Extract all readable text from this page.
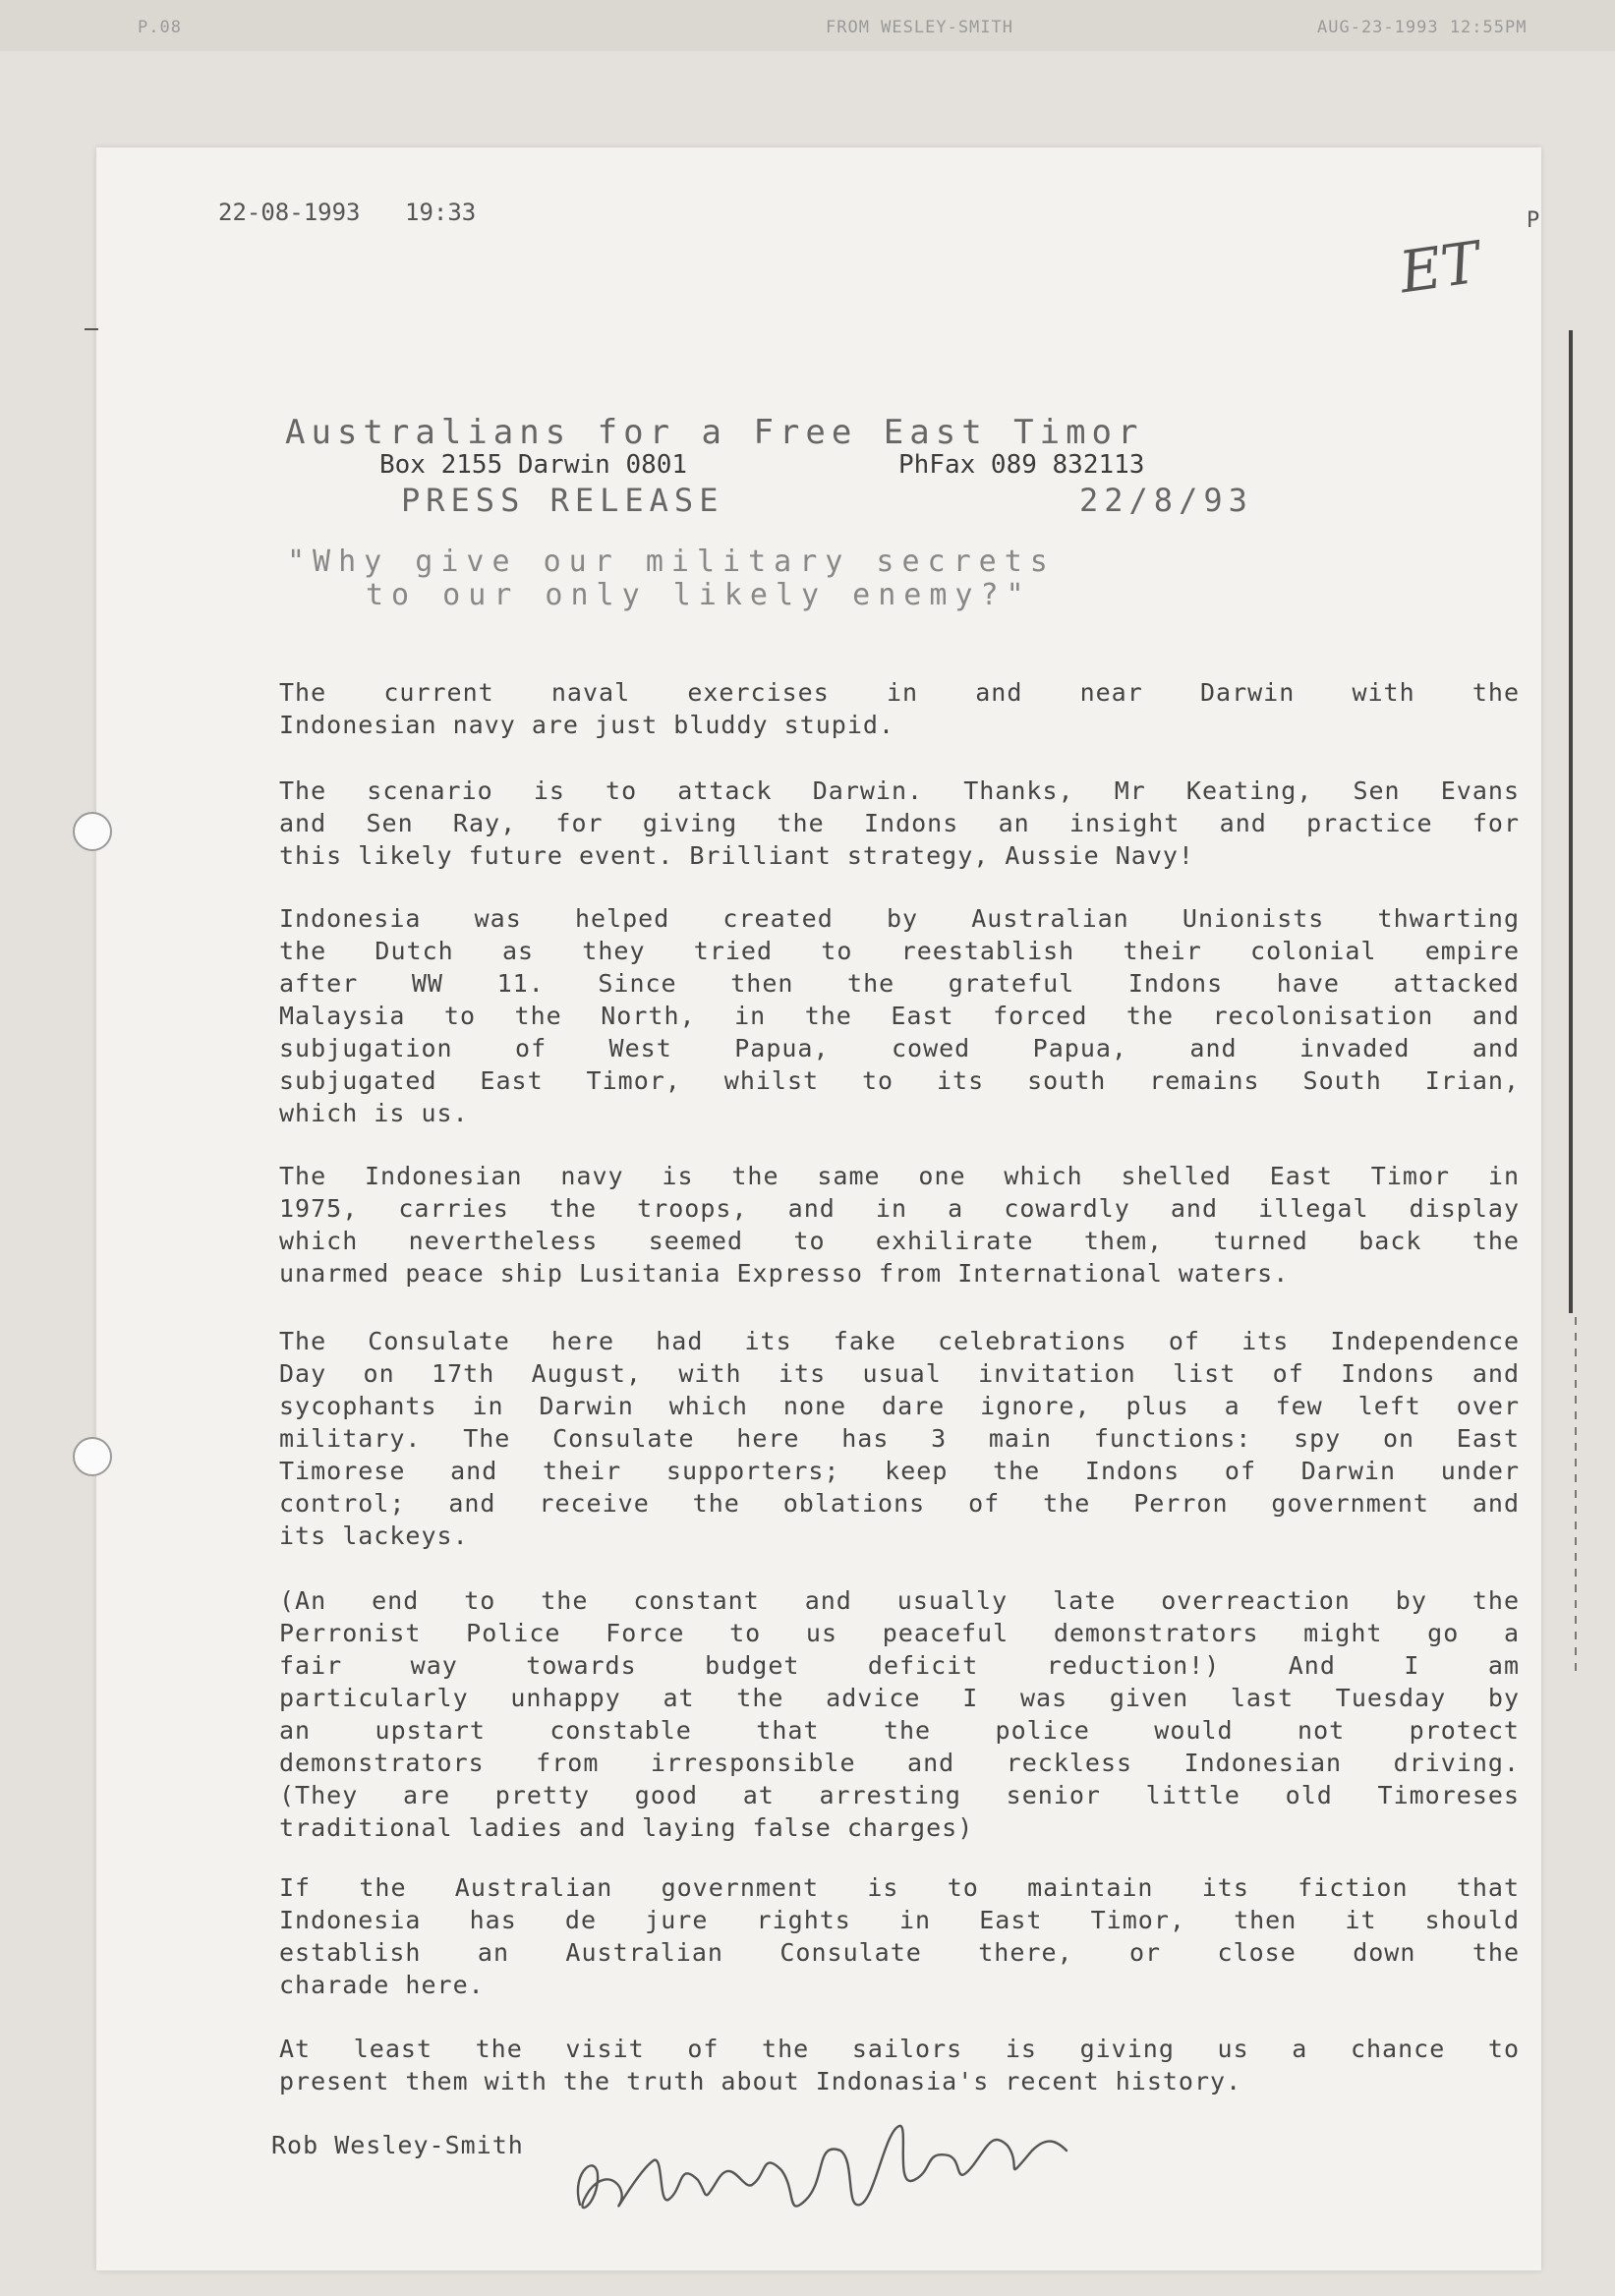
AUG-23-1993 12:55PM
FROM WESLEY-SMITH
P.08
22-08-1993 19:33	P
ET
Australians for a Free East Timor
Box 2155 Darwin 0801	PhFax 089 832113
PRESS RELEASE	22/8/93
"Why give our military secrets
to our only likely enemy?"
The current naval exercises in and near Darwin with the
Indonesian navy are just bluddy stupid.
The scenario is to attack Darwin. Thanks, Mr Keating, Sen Evans
and Sen Ray, for giving the Indons an insight and practice for
this likely future event. Brilliant strategy, Aussie Navy!
Indonesia was helped created by Australian Unionists thwarting
the Dutch as they tried to reestablish their colonial empire
after WW 11. Since then the grateful Indons have attacked
Malaysia to the North, in the East forced the recolonisation and
subjugation of West Papua, cowed Papua, and invaded and
subjugated East Timor, whilst to its south remains South Irian,
which is us.
The Indonesian navy is the same one which shelled East Timor in
1975, carries the troops, and in a cowardly and illegal display
which nevertheless seemed to exhilirate them, turned back the
unarmed peace ship Lusitania Expresso from International waters.
The Consulate here had its fake celebrations of its Independence
Day on 17th August, with its usual invitation list of Indons and
sycophants in Darwin which none dare ignore, plus a few left over
military. The Consulate here has 3 main functions: spy on East
Timorese and their supporters; keep the Indons of Darwin under
control; and receive the oblations of the Perron government and
its lackeys.
(An end to the constant and usually late overreaction by the
Perronist Police Force to us peaceful demonstrators might go a
fair way towards budget deficit reduction!) And I am
particularly unhappy at the advice I was given last Tuesday by
an upstart constable that the police would not protect
demonstrators from irresponsible and reckless Indonesian driving.
(They are pretty good at arresting senior little old Timoreses
traditional ladies and laying false charges)
If the Australian government is to maintain its fiction that
Indonesia has de jure rights in East Timor, then it should
establish an Australian Consulate there, or close down the
charade here.
At least the visit of the sailors is giving us a chance to
present them with the truth about Indonasia's recent history.
Rob Wesley-Smith
